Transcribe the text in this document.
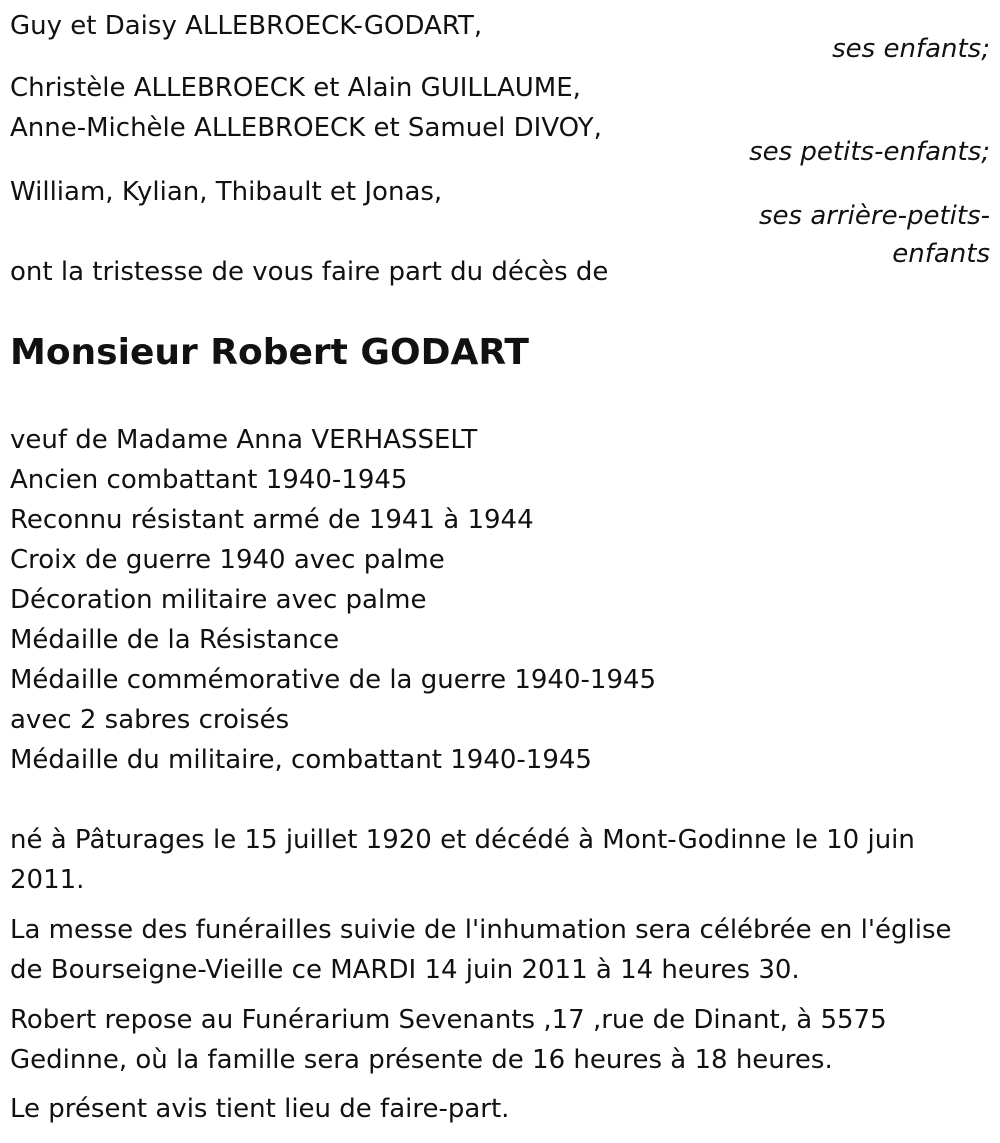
Guy et Daisy ALLEBROECK-GODART,
ses enfants;
Christèle ALLEBROECK et Alain GUILLAUME,
Anne-Michèle ALLEBROECK et Samuel DIVOY,
ses petits-enfants;
William, Kylian, Thibault et Jonas,
ses arrière-petits-
enfants
ont la tristesse de vous faire part du décès de
Monsieur Robert GODART
veuf de Madame Anna VERHASSELT
Ancien combattant 1940-1945
Reconnu résistant armé de 1941 à 1944
Croix de guerre 1940 avec palme
Décoration militaire avec palme
Médaille de la Résistance
Médaille commémorative de la guerre 1940-1945
avec 2 sabres croisés
Médaille du militaire, combattant 1940-1945
né à Pâturages le 15 juillet 1920 et décédé à Mont-Godinne le 10 juin 2011.
La messe des funérailles suivie de l'inhumation sera célébrée en l'église de Bourseigne-Vieille ce MARDI 14 juin 2011 à 14 heures 30.
Robert repose au Funérarium Sevenants ,17 ,rue de Dinant, à 5575 Gedinne, où la famille sera présente de 16 heures à 18 heures.
Le présent avis tient lieu de faire-part.
